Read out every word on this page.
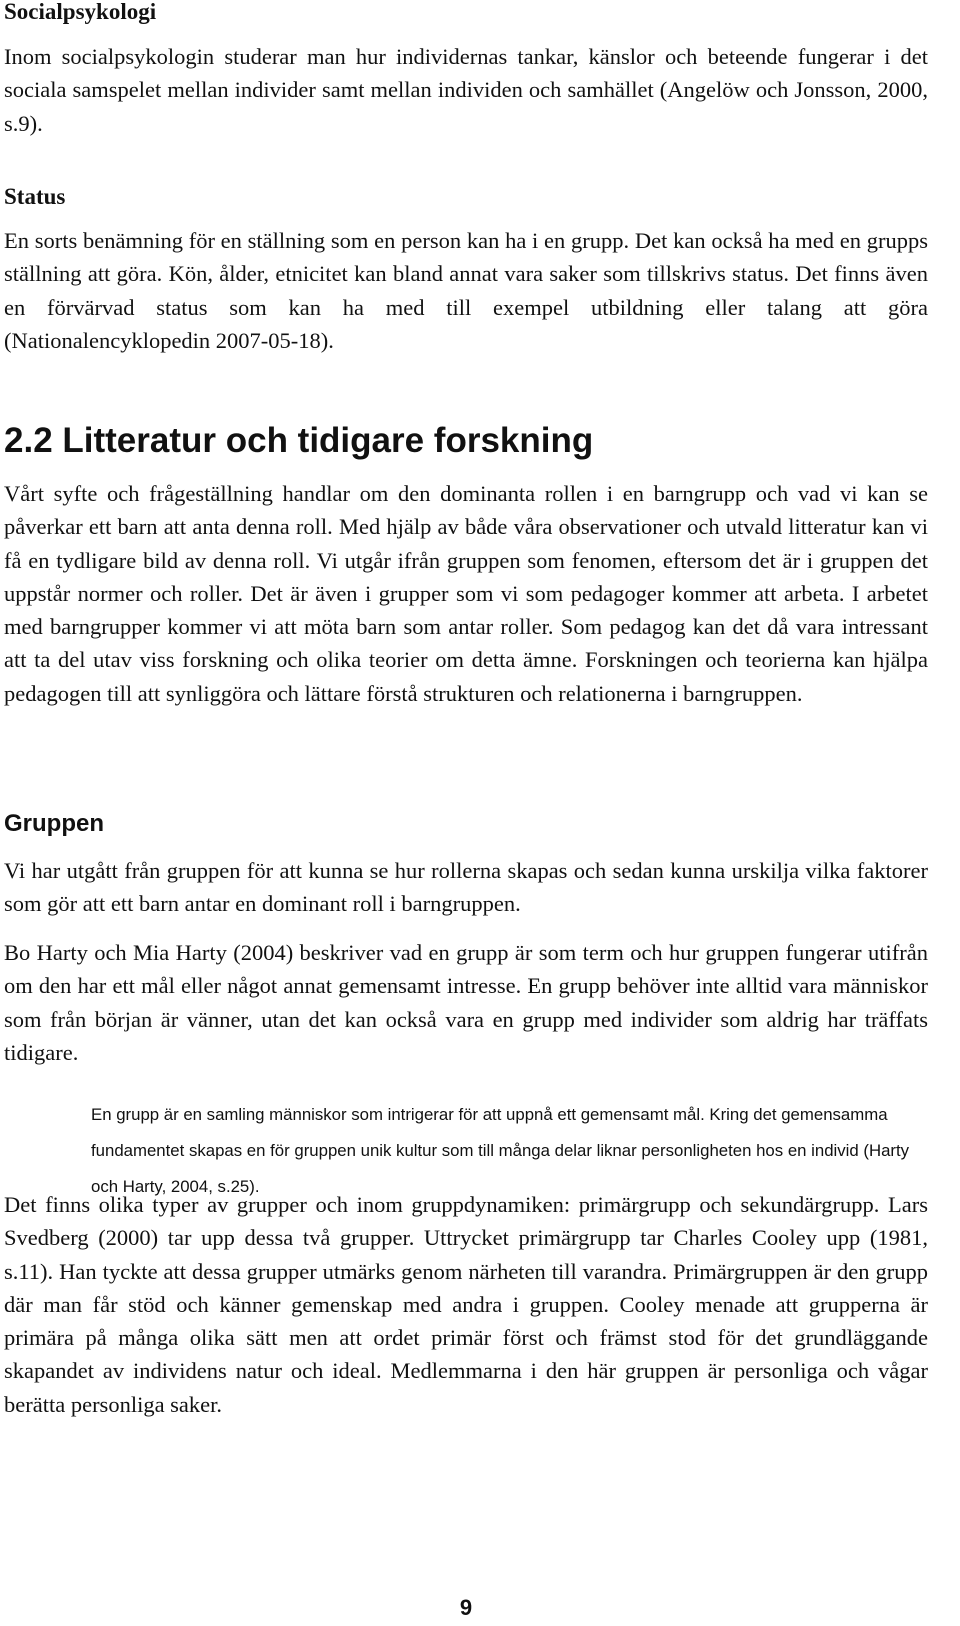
Socialpsykologi

Inom socialpsykologin studerar man hur individernas tankar, känslor och beteende fungerar i det sociala samspelet mellan individer samt mellan individen och samhället (Angelöw och Jonsson, 2000, s.9).

Status

En sorts benämning för en ställning som en person kan ha i en grupp. Det kan också ha med en grupps ställning att göra. Kön, ålder, etnicitet kan bland annat vara saker som tillskrivs status. Det finns även en förvärvad status som kan ha med till exempel utbildning eller talang att göra (Nationalencyklopedin 2007-05-18).

2.2 Litteratur och tidigare forskning

Vårt syfte och frågeställning handlar om den dominanta rollen i en barngrupp och vad vi kan se påverkar ett barn att anta denna roll. Med hjälp av både våra observationer och utvald litteratur kan vi få en tydligare bild av denna roll. Vi utgår ifrån gruppen som fenomen, eftersom det är i gruppen det uppstår normer och roller. Det är även i grupper som vi som pedagoger kommer att arbeta. I arbetet med barngrupper kommer vi att möta barn som antar roller. Som pedagog kan det då vara intressant att ta del utav viss forskning och olika teorier om detta ämne. Forskningen och teorierna kan hjälpa pedagogen till att synliggöra och lättare förstå strukturen och relationerna i barngruppen.

Gruppen

Vi har utgått från gruppen för att kunna se hur rollerna skapas och sedan kunna urskilja vilka faktorer som gör att ett barn antar en dominant roll i barngruppen.

Bo Harty och Mia Harty (2004) beskriver vad en grupp är som term och hur gruppen fungerar utifrån om den har ett mål eller något annat gemensamt intresse. En grupp behöver inte alltid vara människor som från början är vänner, utan det kan också vara en grupp med individer som aldrig har träffats tidigare.

En grupp är en samling människor som intrigerar för att uppnå ett gemensamt mål. Kring det gemensamma fundamentet skapas en för gruppen unik kultur som till många delar liknar personligheten hos en individ (Harty och Harty, 2004, s.25).

Det finns olika typer av grupper och inom gruppdynamiken: primärgrupp och sekundärgrupp. Lars Svedberg (2000) tar upp dessa två grupper. Uttrycket primärgrupp tar Charles Cooley upp (1981, s.11). Han tyckte att dessa grupper utmärks genom närheten till varandra. Primärgruppen är den grupp där man får stöd och känner gemenskap med andra i gruppen. Cooley menade att grupperna är primära på många olika sätt men att ordet primär först och främst stod för det grundläggande skapandet av individens natur och ideal. Medlemmarna i den här gruppen är personliga och vågar berätta personliga saker.

9
